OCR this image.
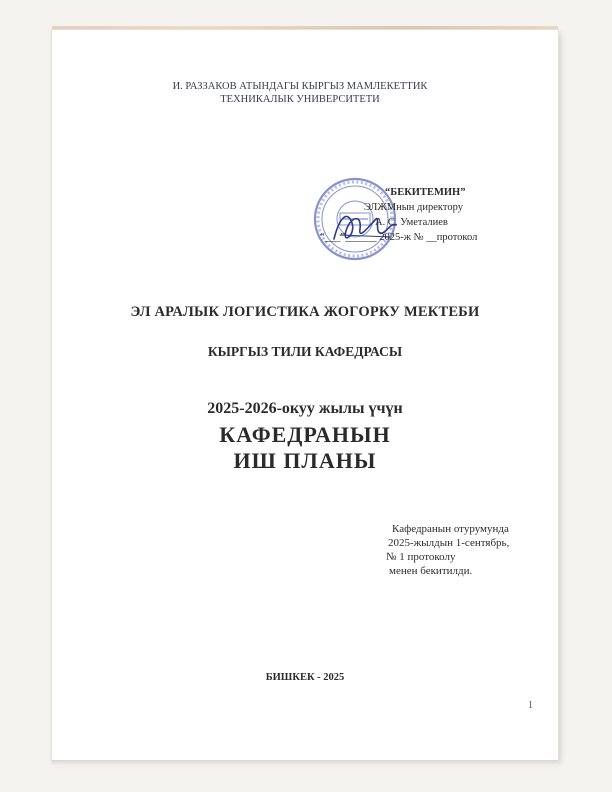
И. РАЗЗАКОВ АТЫНДАГЫ КЫРГЫЗ МАМЛЕКЕТТИК
ТЕХНИКАЛЫК УНИВЕРСИТЕТИ
“БЕКИТЕМИН”
ЭЛЖМнын директору
А. С. Уметалиев
“___”______ 2025-ж № __протокол
ЭЛ АРАЛЫК ЛОГИСТИКА ЖОГОРКУ МЕКТЕБИ
КЫРГЫЗ ТИЛИ КАФЕДРАСЫ
2025-2026-окуу жылы үчүн
КАФЕДРАНЫН
ИШ ПЛАНЫ
Кафедранын отурумунда
2025-жылдын 1-сентябрь,
№ 1 протоколу
менен бекитилди.
БИШКЕК - 2025
1
